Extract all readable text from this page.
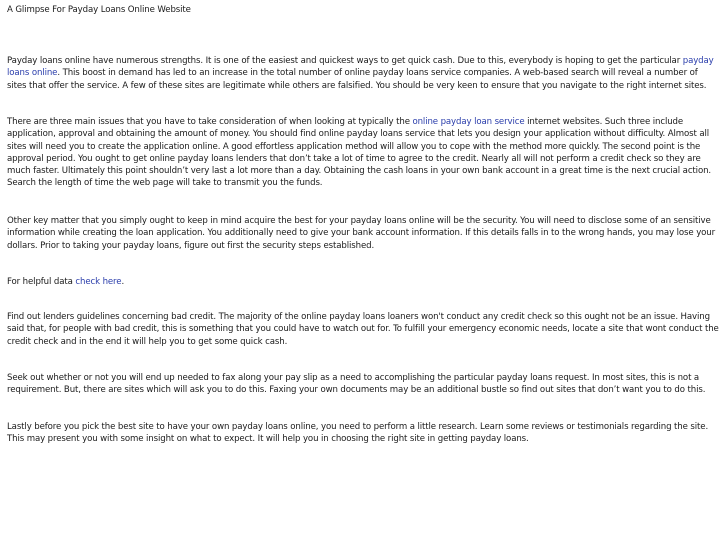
A Glimpse For Payday Loans Online Website

Payday loans online have numerous strengths. It is one of the easiest and quickest ways to get quick cash. Due to this, everybody is hoping to get the particular payday loans online. This boost in demand has led to an increase in the total number of online payday loans service companies. A web-based search will reveal a number of sites that offer the service. A few of these sites are legitimate while others are falsified. You should be very keen to ensure that you navigate to the right internet sites.

There are three main issues that you have to take consideration of when looking at typically the online payday loan service internet websites. Such three include application, approval and obtaining the amount of money. You should find online payday loans service that lets you design your application without difficulty. Almost all sites will need you to create the application online. A good effortless application method will allow you to cope with the method more quickly. The second point is the approval period. You ought to get online payday loans lenders that don’t take a lot of time to agree to the credit. Nearly all will not perform a credit check so they are much faster. Ultimately this point shouldn’t very last a lot more than a day. Obtaining the cash loans in your own bank account in a great time is the next crucial action. Search the length of time the web page will take to transmit you the funds.

Other key matter that you simply ought to keep in mind acquire the best for your payday loans online will be the security. You will need to disclose some of an sensitive information while creating the loan application. You additionally need to give your bank account information. If this details falls in to the wrong hands, you may lose your dollars. Prior to taking your payday loans, figure out first the security steps established.

For helpful data check here.

Find out lenders guidelines concerning bad credit. The majority of the online payday loans loaners won't conduct any credit check so this ought not be an issue. Having said that, for people with bad credit, this is something that you could have to watch out for. To fulfill your emergency economic needs, locate a site that wont conduct the credit check and in the end it will help you to get some quick cash.

Seek out whether or not you will end up needed to fax along your pay slip as a need to accomplishing the particular payday loans request. In most sites, this is not a requirement. But, there are sites which will ask you to do this. Faxing your own documents may be an additional bustle so find out sites that don’t want you to do this.

Lastly before you pick the best site to have your own payday loans online, you need to perform a little research. Learn some reviews or testimonials regarding the site. This may present you with some insight on what to expect. It will help you in choosing the right site in getting payday loans.
